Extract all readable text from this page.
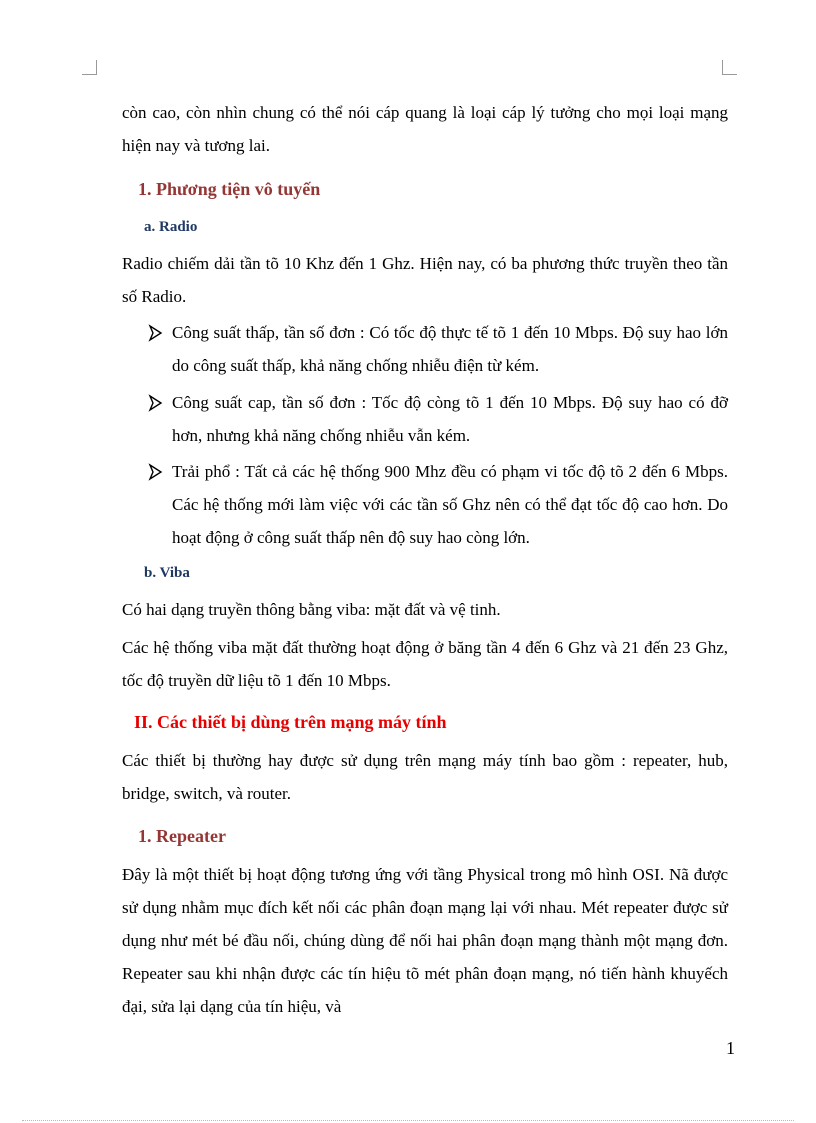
còn cao, còn nhìn chung có thể nói cáp quang là loại cáp lý tưởng cho mọi loại mạng hiện nay và tương lai.

1. Phương tiện vô tuyến
a. Radio

Radio chiếm dải tần tõ 10 Khz đến 1 Ghz. Hiện nay, có ba phương thức truyền theo tần số Radio.

Công suất thấp, tần số đơn : Có tốc độ thực tế tõ 1 đến 10 Mbps. Độ suy hao lớn do công suất thấp, khả năng chống nhiễu điện từ kém.
Công suất cap, tần số đơn : Tốc độ còng tõ 1 đến 10 Mbps. Độ suy hao có đỡ hơn, nhưng khả năng chống nhiễu vẫn kém.
Trải phổ : Tất cả các hệ thống 900 Mhz đều có phạm vi tốc độ tõ 2 đến 6 Mbps. Các hệ thống mới làm việc với các tần số Ghz nên có thể đạt tốc độ cao hơn. Do hoạt động ở công suất thấp nên độ suy hao còng lớn.
b. Viba

Có hai dạng truyền thông bằng viba: mặt đất và vệ tinh.

Các hệ thống viba mặt đất thường hoạt động ở băng tần 4 đến 6 Ghz và 21 đến 23 Ghz, tốc độ truyền dữ liệu tõ 1 đến 10 Mbps.

II. Các thiết bị dùng trên mạng máy tính

Các thiết bị thường hay được sử dụng trên mạng máy tính bao gồm : repeater, hub, bridge, switch, và router.

1. Repeater

Đây là một thiết bị hoạt động tương ứng với tầng Physical trong mô hình OSI. Nã được sử dụng nhằm mục đích kết nối các phân đoạn mạng lại với nhau. Mét repeater được sử dụng như mét bé đầu nối, chúng dùng để nối hai phân đoạn mạng thành một mạng đơn. Repeater sau khi nhận được các tín hiệu tõ mét phân đoạn mạng, nó tiến hành khuyếch đại, sửa lại dạng của tín hiệu, và

1
